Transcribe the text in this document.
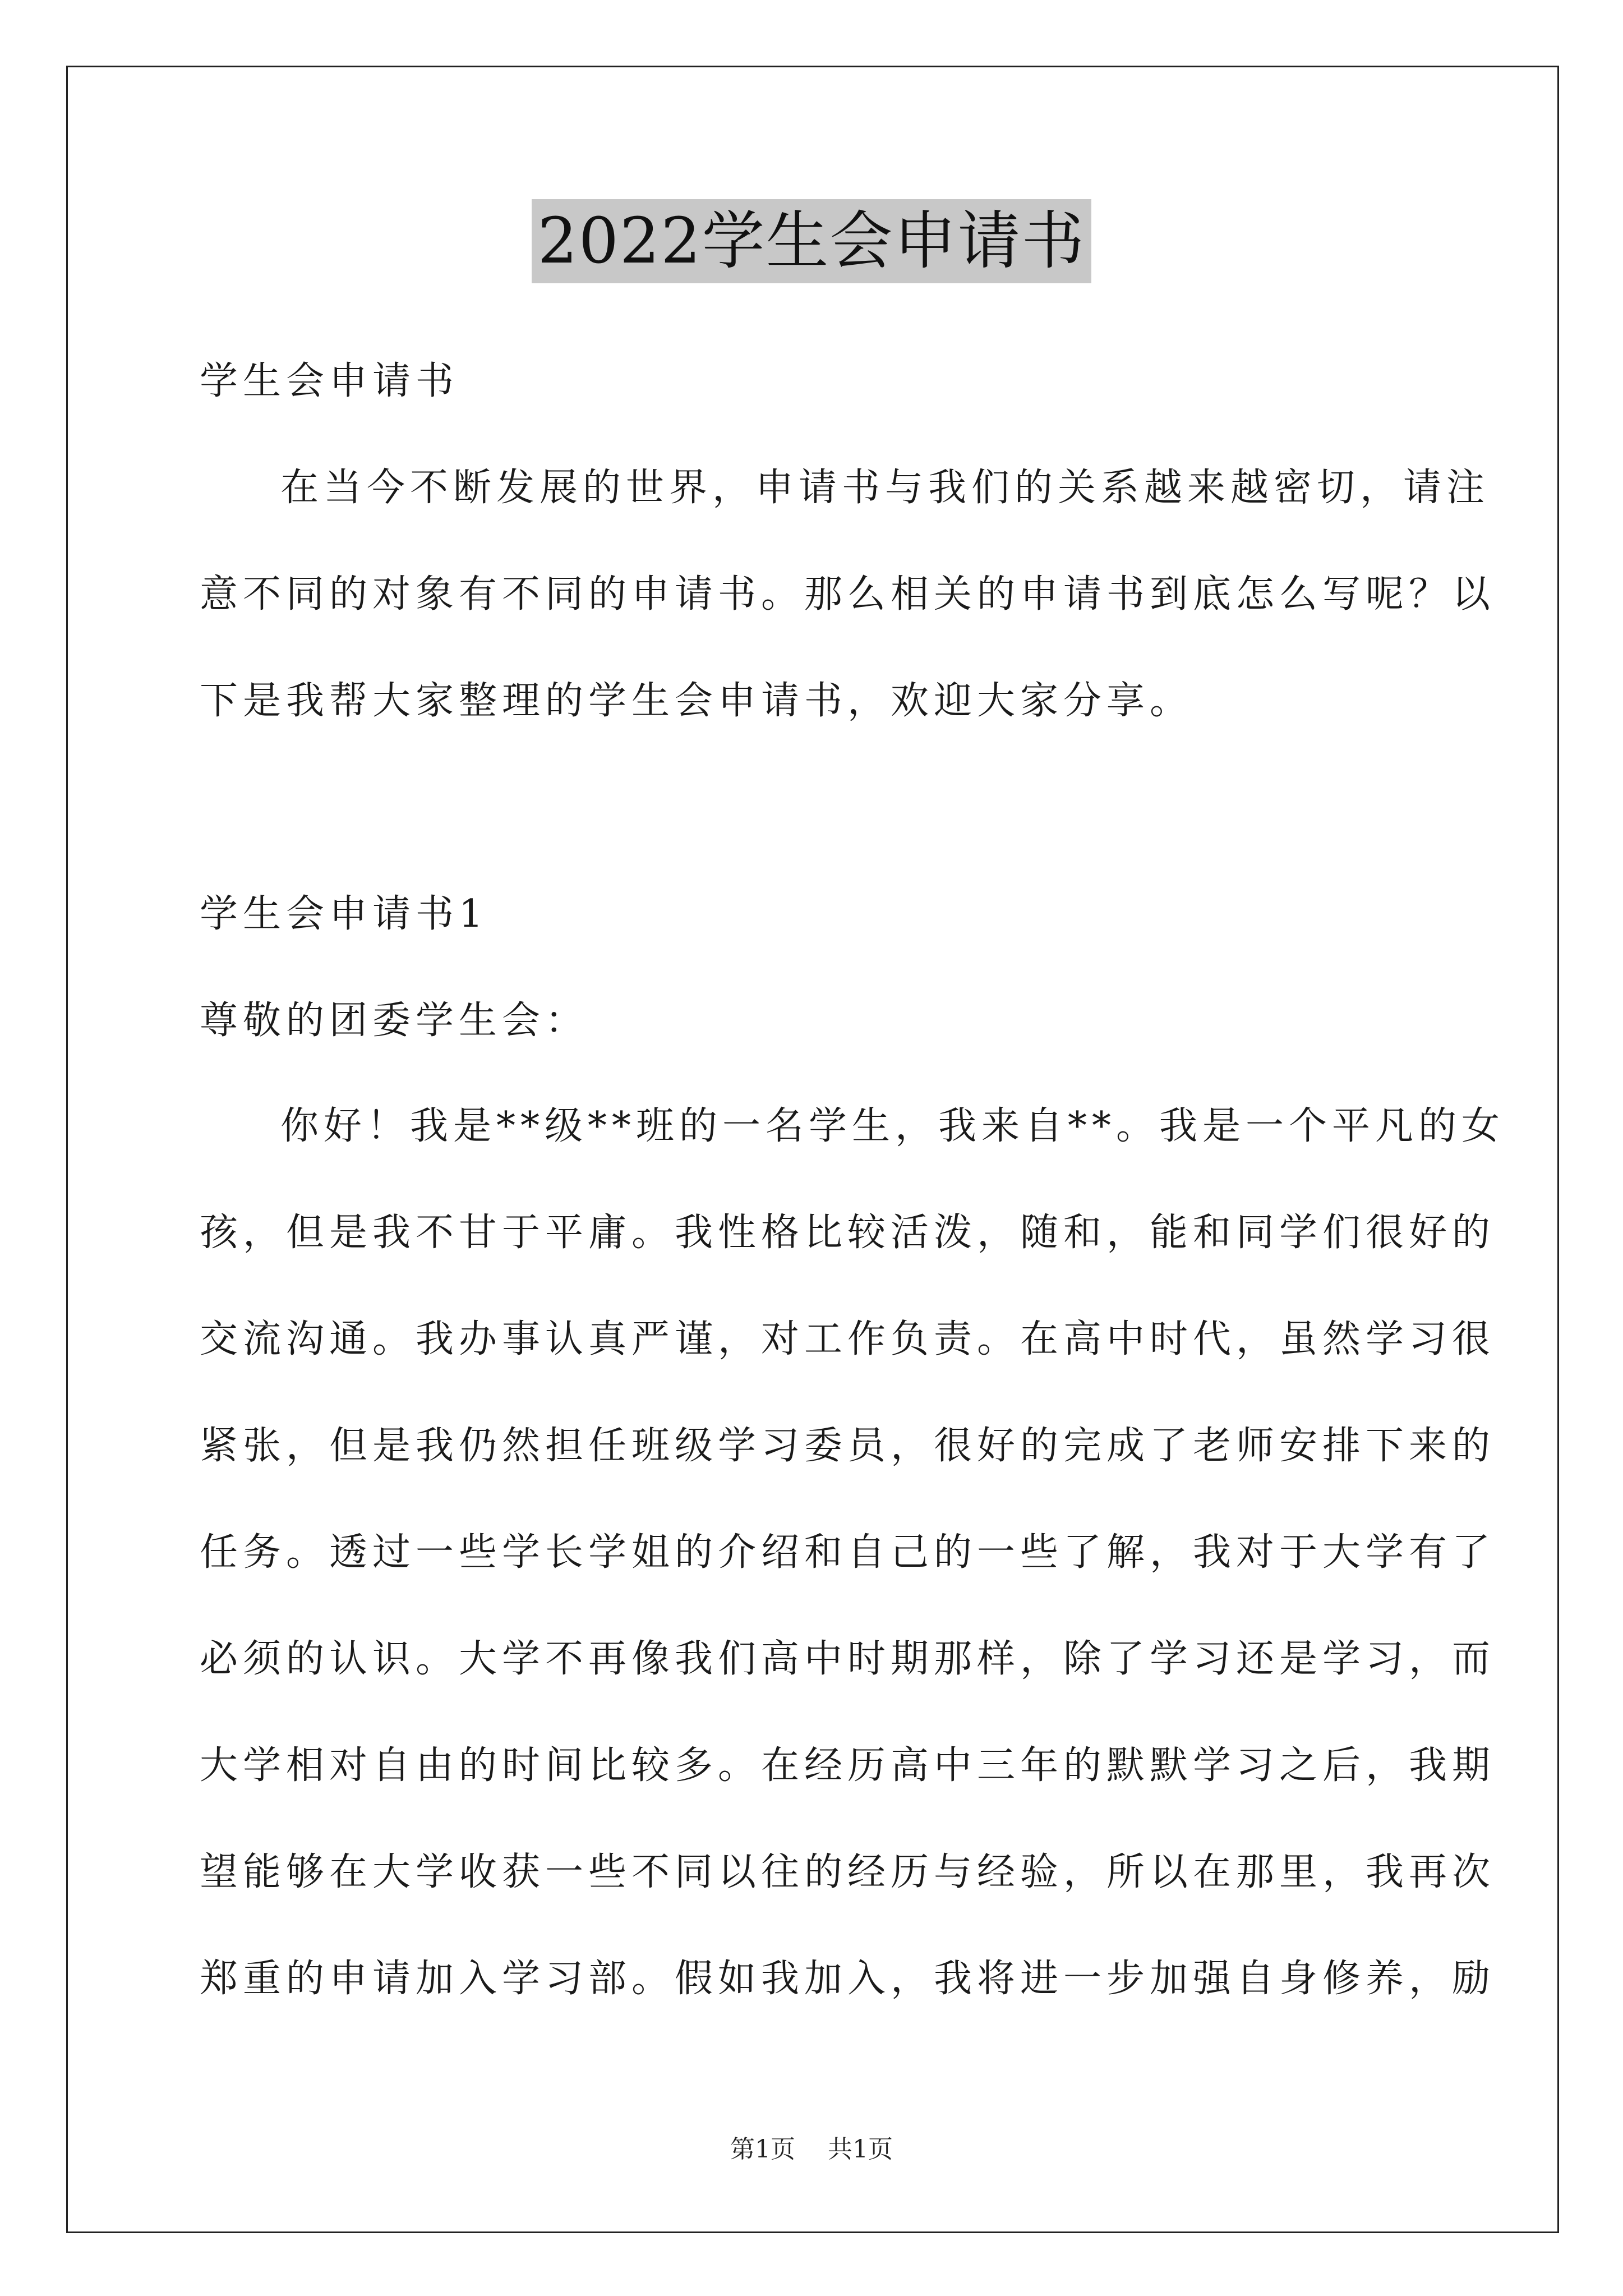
2022学生会申请书

学生会申请书

在当今不断发展的世界，申请书与我们的关系越来越密切，请注
意不同的对象有不同的申请书。那么相关的申请书到底怎么写呢？以
下是我帮大家整理的学生会申请书，欢迎大家分享。

学生会申请书1

尊敬的团委学生会：

你好！我是**级**班的一名学生，我来自**。我是一个平凡的女
孩，但是我不甘于平庸。我性格比较活泼，随和，能和同学们很好的
交流沟通。我办事认真严谨，对工作负责。在高中时代，虽然学习很
紧张，但是我仍然担任班级学习委员，很好的完成了老师安排下来的
任务。透过一些学长学姐的介绍和自己的一些了解，我对于大学有了
必须的认识。大学不再像我们高中时期那样，除了学习还是学习，而
大学相对自由的时间比较多。在经历高中三年的默默学习之后，我期
望能够在大学收获一些不同以往的经历与经验，所以在那里，我再次
郑重的申请加入学习部。假如我加入，我将进一步加强自身修养，励
第1页 共1页
